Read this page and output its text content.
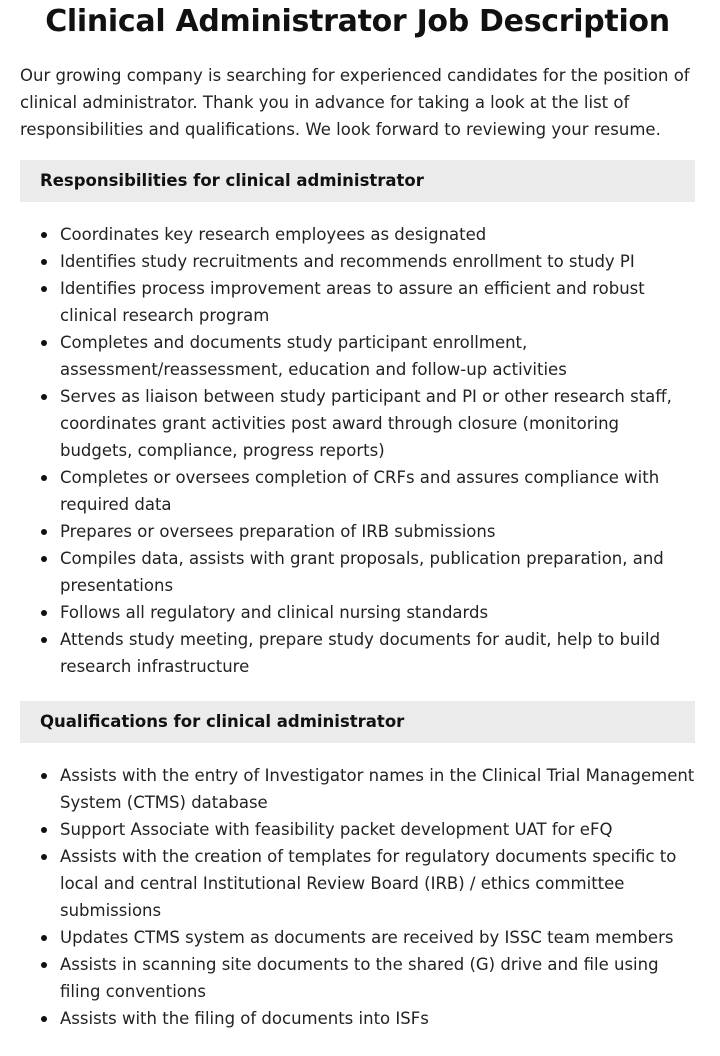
Clinical Administrator Job Description

Our growing company is searching for experienced candidates for the position of clinical administrator. Thank you in advance for taking a look at the list of responsibilities and qualifications. We look forward to reviewing your resume.

Responsibilities for clinical administrator
Coordinates key research employees as designated
Identifies study recruitments and recommends enrollment to study PI
Identifies process improvement areas to assure an efficient and robust clinical research program
Completes and documents study participant enrollment, assessment/reassessment, education and follow-up activities
Serves as liaison between study participant and PI or other research staff, coordinates grant activities post award through closure (monitoring budgets, compliance, progress reports)
Completes or oversees completion of CRFs and assures compliance with required data
Prepares or oversees preparation of IRB submissions
Compiles data, assists with grant proposals, publication preparation, and presentations
Follows all regulatory and clinical nursing standards
Attends study meeting, prepare study documents for audit, help to build research infrastructure
Qualifications for clinical administrator
Assists with the entry of Investigator names in the Clinical Trial Management System (CTMS) database
Support Associate with feasibility packet development UAT for eFQ
Assists with the creation of templates for regulatory documents specific to local and central Institutional Review Board (IRB) / ethics committee submissions
Updates CTMS system as documents are received by ISSC team members
Assists in scanning site documents to the shared (G) drive and file using filing conventions
Assists with the filing of documents into ISFs
